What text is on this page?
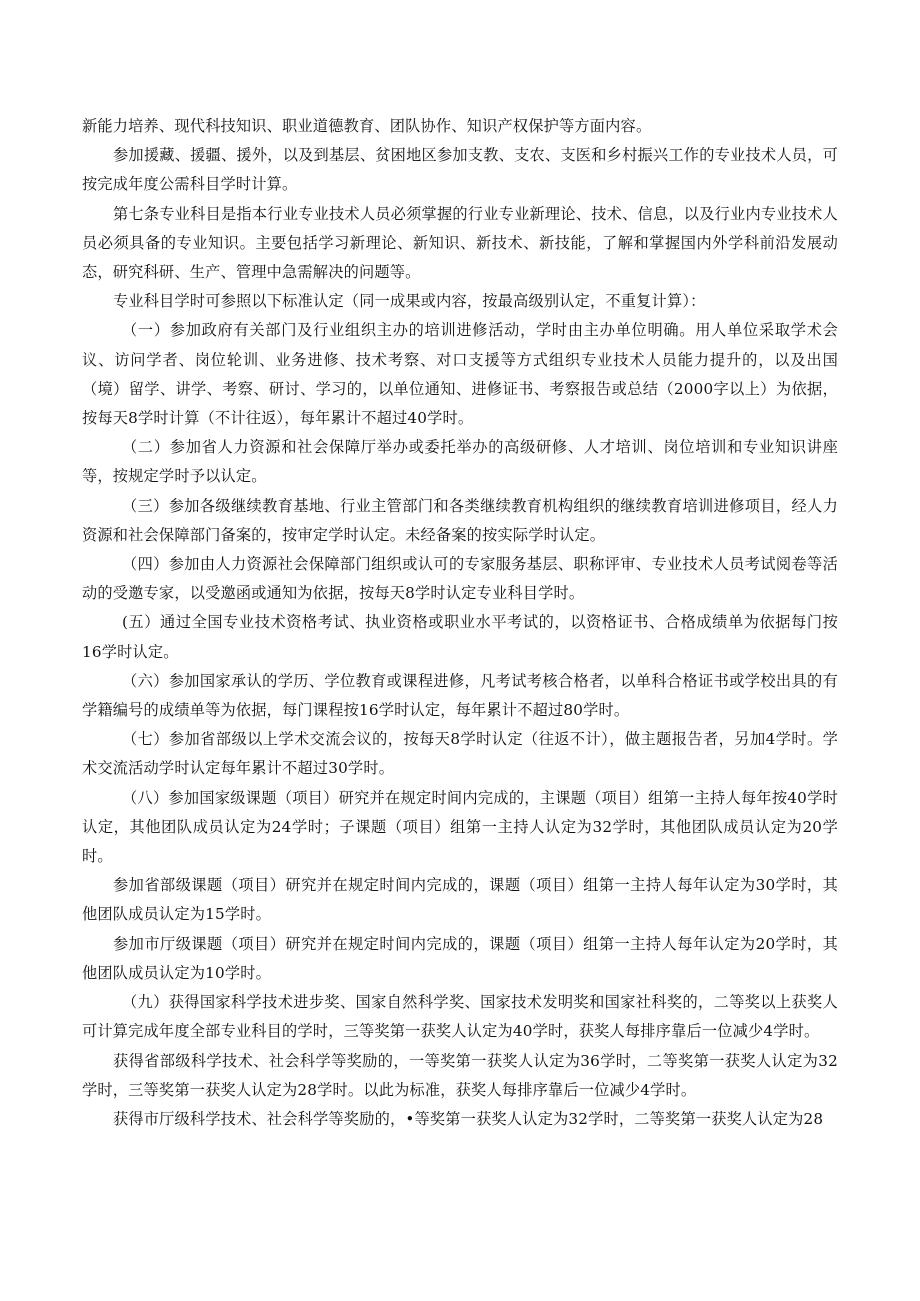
新能力培养、现代科技知识、职业道德教育、团队协作、知识产权保护等方面内容。

参加援藏、援疆、援外，以及到基层、贫困地区参加支教、支农、支医和乡村振兴工作的专业技术人员，可按完成年度公需科目学时计算。

第七条专业科目是指本行业专业技术人员必须掌握的行业专业新理论、技术、信息，以及行业内专业技术人员必须具备的专业知识。主要包括学习新理论、新知识、新技术、新技能，了解和掌握国内外学科前沿发展动态，研究科研、生产、管理中急需解决的问题等。

专业科目学时可参照以下标准认定（同一成果或内容，按最高级别认定，不重复计算）：

（一）参加政府有关部门及行业组织主办的培训进修活动，学时由主办单位明确。用人单位采取学术会议、访问学者、岗位轮训、业务进修、技术考察、对口支援等方式组织专业技术人员能力提升的，以及出国（境）留学、讲学、考察、研讨、学习的，以单位通知、进修证书、考察报告或总结（2000字以上）为依据，按每天8学时计算（不计往返），每年累计不超过40学时。

（二）参加省人力资源和社会保障厅举办或委托举办的高级研修、人才培训、岗位培训和专业知识讲座等，按规定学时予以认定。

（三）参加各级继续教育基地、行业主管部门和各类继续教育机构组织的继续教育培训进修项目，经人力资源和社会保障部门备案的，按审定学时认定。未经备案的按实际学时认定。

（四）参加由人力资源社会保障部门组织或认可的专家服务基层、职称评审、专业技术人员考试阅卷等活动的受邀专家，以受邀函或通知为依据，按每天8学时认定专业科目学时。

(五）通过全国专业技术资格考试、执业资格或职业水平考试的，以资格证书、合格成绩单为依据每门按16学时认定。

（六）参加国家承认的学历、学位教育或课程进修，凡考试考核合格者，以单科合格证书或学校出具的有学籍编号的成绩单等为依据，每门课程按16学时认定，每年累计不超过80学时。

（七）参加省部级以上学术交流会议的，按每天8学时认定（往返不计），做主题报告者，另加4学时。学术交流活动学时认定每年累计不超过30学时。

（八）参加国家级课题（项目）研究并在规定时间内完成的，主课题（项目）组第一主持人每年按40学时认定，其他团队成员认定为24学时；子课题（项目）组第一主持人认定为32学时，其他团队成员认定为20学时。

参加省部级课题（项目）研究并在规定时间内完成的，课题（项目）组第一主持人每年认定为30学时，其他团队成员认定为15学时。

参加市厅级课题（项目）研究并在规定时间内完成的，课题（项目）组第一主持人每年认定为20学时，其他团队成员认定为10学时。

（九）获得国家科学技术进步奖、国家自然科学奖、国家技术发明奖和国家社科奖的，二等奖以上获奖人可计算完成年度全部专业科目的学时，三等奖第一获奖人认定为40学时，获奖人每排序靠后一位减少4学时。

获得省部级科学技术、社会科学等奖励的，一等奖第一获奖人认定为36学时，二等奖第一获奖人认定为32学时，三等奖第一获奖人认定为28学时。以此为标准，获奖人每排序靠后一位减少4学时。

获得市厅级科学技术、社会科学等奖励的，•等奖第一获奖人认定为32学时，二等奖第一获奖人认定为28
